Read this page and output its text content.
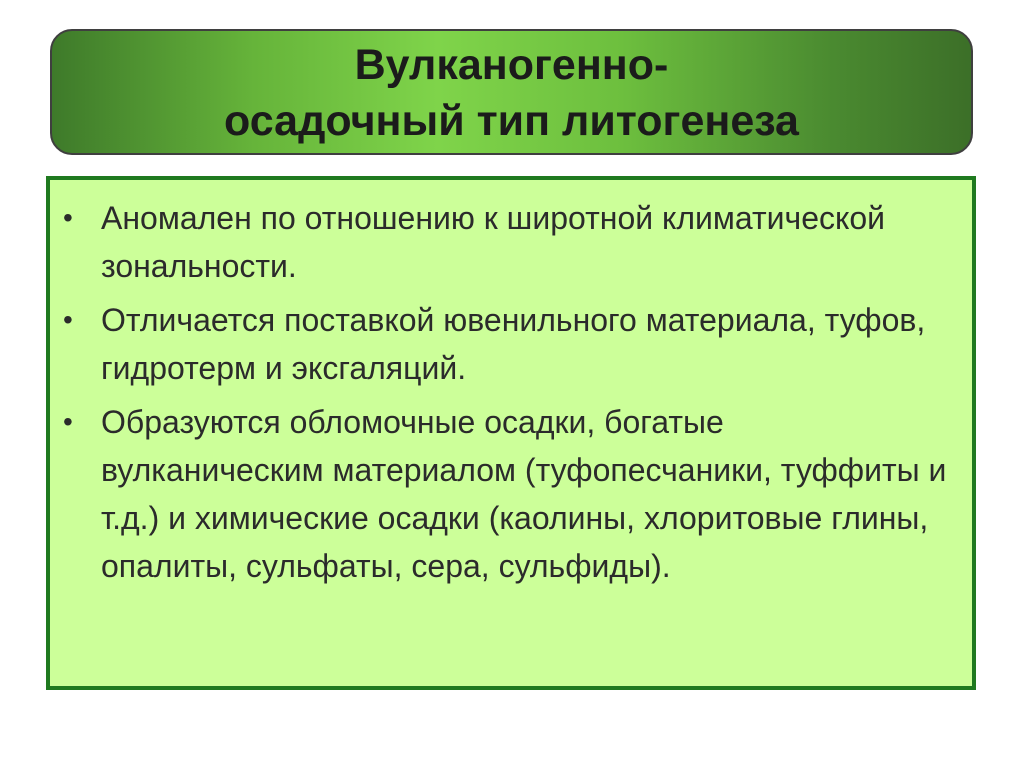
Вулканогенно-
осадочный тип литогенеза
• Аномален по отношению к широтной климатической зональности.
• Отличается поставкой ювенильного материала, туфов, гидротерм и эксгаляций.
• Образуются обломочные осадки, богатые вулканическим материалом (туфопесчаники, туффиты и т.д.) и химические осадки (каолины, хлоритовые глины, опалиты, сульфаты, сера, сульфиды).
